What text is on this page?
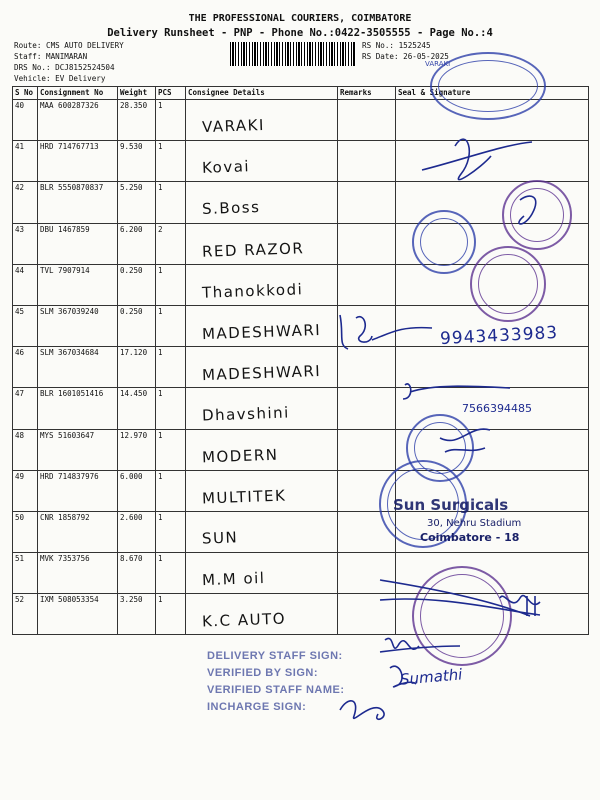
THE PROFESSIONAL COURIERS, COIMBATORE
Delivery Runsheet - PNP - Phone No.:0422-3505555 - Page No.:4
Route: CMS AUTO DELIVERY
Staff: MANIMARAN
DRS No.: DCJ8152524504
Vehicle: EV Delivery
RS No.: 1525245
RS Date: 26-05-2025
S No	Consignment No	Weight	PCS	Consignee Details	Remarks	Seal & Signature
40	MAA 600287326	28.350	1	VARAKI		
41	HRD 714767713	9.530	1	Kovai		
42	BLR 5550870837	5.250	1	S.Boss		
43	DBU 1467859	6.200	2	RED RAZOR		
44	TVL 7907914	0.250	1	Thanokkodi		
45	SLM 367039240	0.250	1	MADESHWARI		
46	SLM 367034684	17.120	1	MADESHWARI		
47	BLR 1601051416	14.450	1	Dhavshini		
48	MYS 51603647	12.970	1	MODERN		
49	HRD 714837976	6.000	1	MULTITEK		
50	CNR 1858792	2.600	1	SUN		
51	MVK 7353756	8.670	1	M.M oil		
52	IXM 508053354	3.250	1	K.C AUTO		
VARAKI
Sun Surgicals
30, Nehru Stadium
Coimbatore - 18
9943433983
7566394485
Sumathi
DELIVERY STAFF SIGN:
VERIFIED BY SIGN:
VERIFIED STAFF NAME:
INCHARGE SIGN:
